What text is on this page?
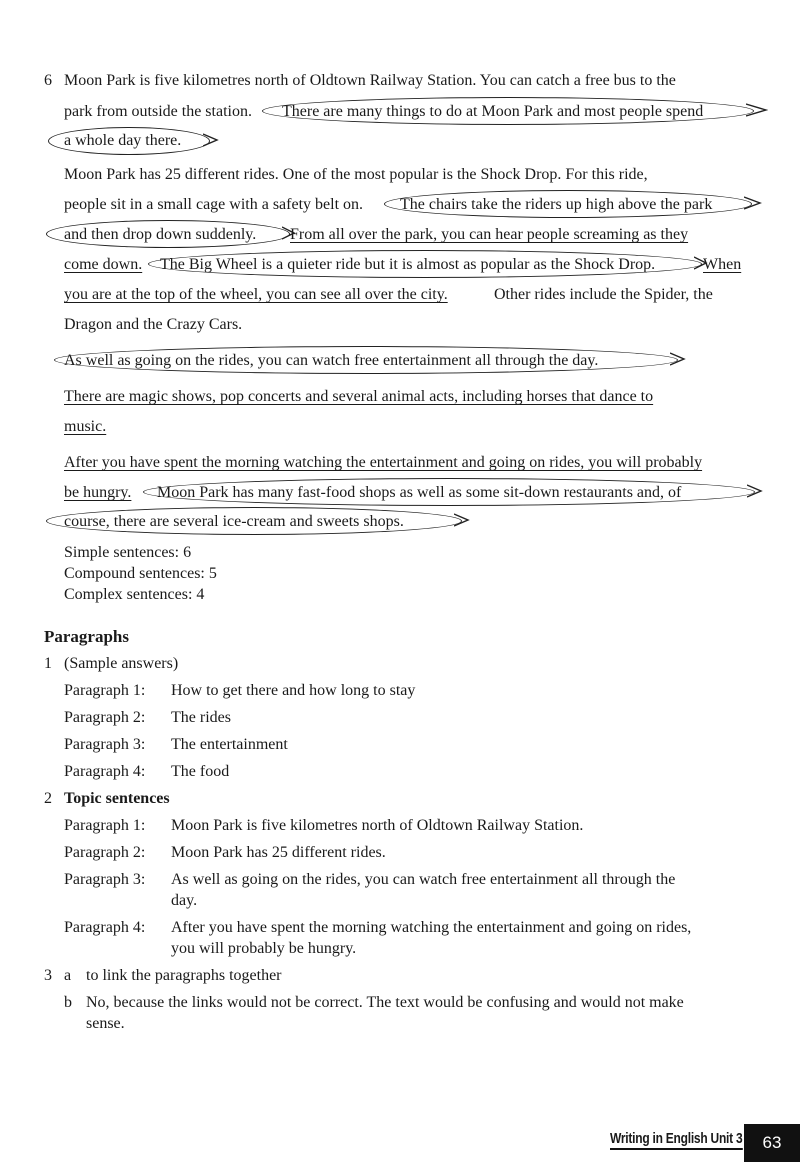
6 Moon Park is five kilometres north of Oldtown Railway Station. You can catch a free bus to the
park from outside the station. There are many things to do at Moon Park and most people spend
a whole day there.
Moon Park has 25 different rides. One of the most popular is the Shock Drop. For this ride,
people sit in a small cage with a safety belt on. The chairs take the riders up high above the park
and then drop down suddenly. From all over the park, you can hear people screaming as they
come down. The Big Wheel is a quieter ride but it is almost as popular as the Shock Drop.	When
you are at the top of the wheel, you can see all over the city.	Other rides include the Spider, the
Dragon and the Crazy Cars.
As well as going on the rides, you can watch free entertainment all through the day.
There are magic shows, pop concerts and several animal acts, including horses that dance to
music.
After you have spent the morning watching the entertainment and going on rides, you will probably
be hungry. Moon Park has many fast-food shops as well as some sit-down restaurants and, of
course, there are several ice-cream and sweets shops.
Simple sentences: 6
Compound sentences: 5
Complex sentences: 4
Paragraphs
1 (Sample answers)
Paragraph 1: How to get there and how long to stay
Paragraph 2: The rides
Paragraph 3: The entertainment
Paragraph 4: The food
2 Topic sentences
Paragraph 1: Moon Park is five kilometres north of Oldtown Railway Station.
Paragraph 2: Moon Park has 25 different rides.
Paragraph 3: As well as going on the rides, you can watch free entertainment all through the
day.
Paragraph 4: After you have spent the morning watching the entertainment and going on rides,
you will probably be hungry.
3 a to link the paragraphs together
b No, because the links would not be correct. The text would be confusing and would not make
sense.
Writing in English Unit 3	63
